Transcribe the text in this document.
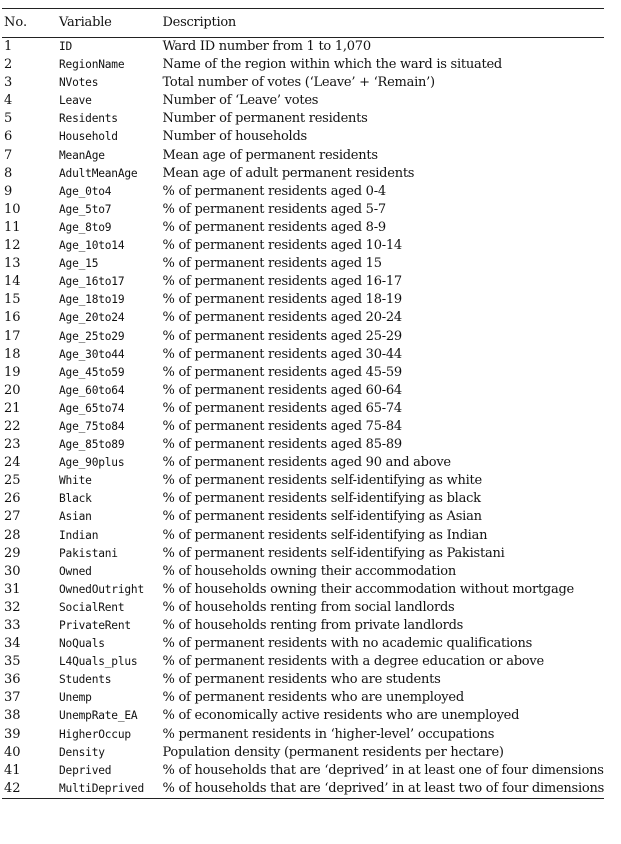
No.	Variable	Description
1	ID	Ward ID number from 1 to 1,070
2	RegionName	Name of the region within which the ward is situated
3	NVotes	Total number of votes (‘Leave’ + ‘Remain’)
4	Leave	Number of ‘Leave’ votes
5	Residents	Number of permanent residents
6	Household	Number of households
7	MeanAge	Mean age of permanent residents
8	AdultMeanAge	Mean age of adult permanent residents
9	Age_0to4	% of permanent residents aged 0-4
10	Age_5to7	% of permanent residents aged 5-7
11	Age_8to9	% of permanent residents aged 8-9
12	Age_10to14	% of permanent residents aged 10-14
13	Age_15	% of permanent residents aged 15
14	Age_16to17	% of permanent residents aged 16-17
15	Age_18to19	% of permanent residents aged 18-19
16	Age_20to24	% of permanent residents aged 20-24
17	Age_25to29	% of permanent residents aged 25-29
18	Age_30to44	% of permanent residents aged 30-44
19	Age_45to59	% of permanent residents aged 45-59
20	Age_60to64	% of permanent residents aged 60-64
21	Age_65to74	% of permanent residents aged 65-74
22	Age_75to84	% of permanent residents aged 75-84
23	Age_85to89	% of permanent residents aged 85-89
24	Age_90plus	% of permanent residents aged 90 and above
25	White	% of permanent residents self-identifying as white
26	Black	% of permanent residents self-identifying as black
27	Asian	% of permanent residents self-identifying as Asian
28	Indian	% of permanent residents self-identifying as Indian
29	Pakistani	% of permanent residents self-identifying as Pakistani
30	Owned	% of households owning their accommodation
31	OwnedOutright	% of households owning their accommodation without mortgage
32	SocialRent	% of households renting from social landlords
33	PrivateRent	% of households renting from private landlords
34	NoQuals	% of permanent residents with no academic qualifications
35	L4Quals_plus	% of permanent residents with a degree education or above
36	Students	% of permanent residents who are students
37	Unemp	% of permanent residents who are unemployed
38	UnempRate_EA	% of economically active residents who are unemployed
39	HigherOccup	% permanent residents in ‘higher-level’ occupations
40	Density	Population density (permanent residents per hectare)
41	Deprived	% of households that are ‘deprived’ in at least one of four dimensions
42	MultiDeprived	% of households that are ‘deprived’ in at least two of four dimensions
